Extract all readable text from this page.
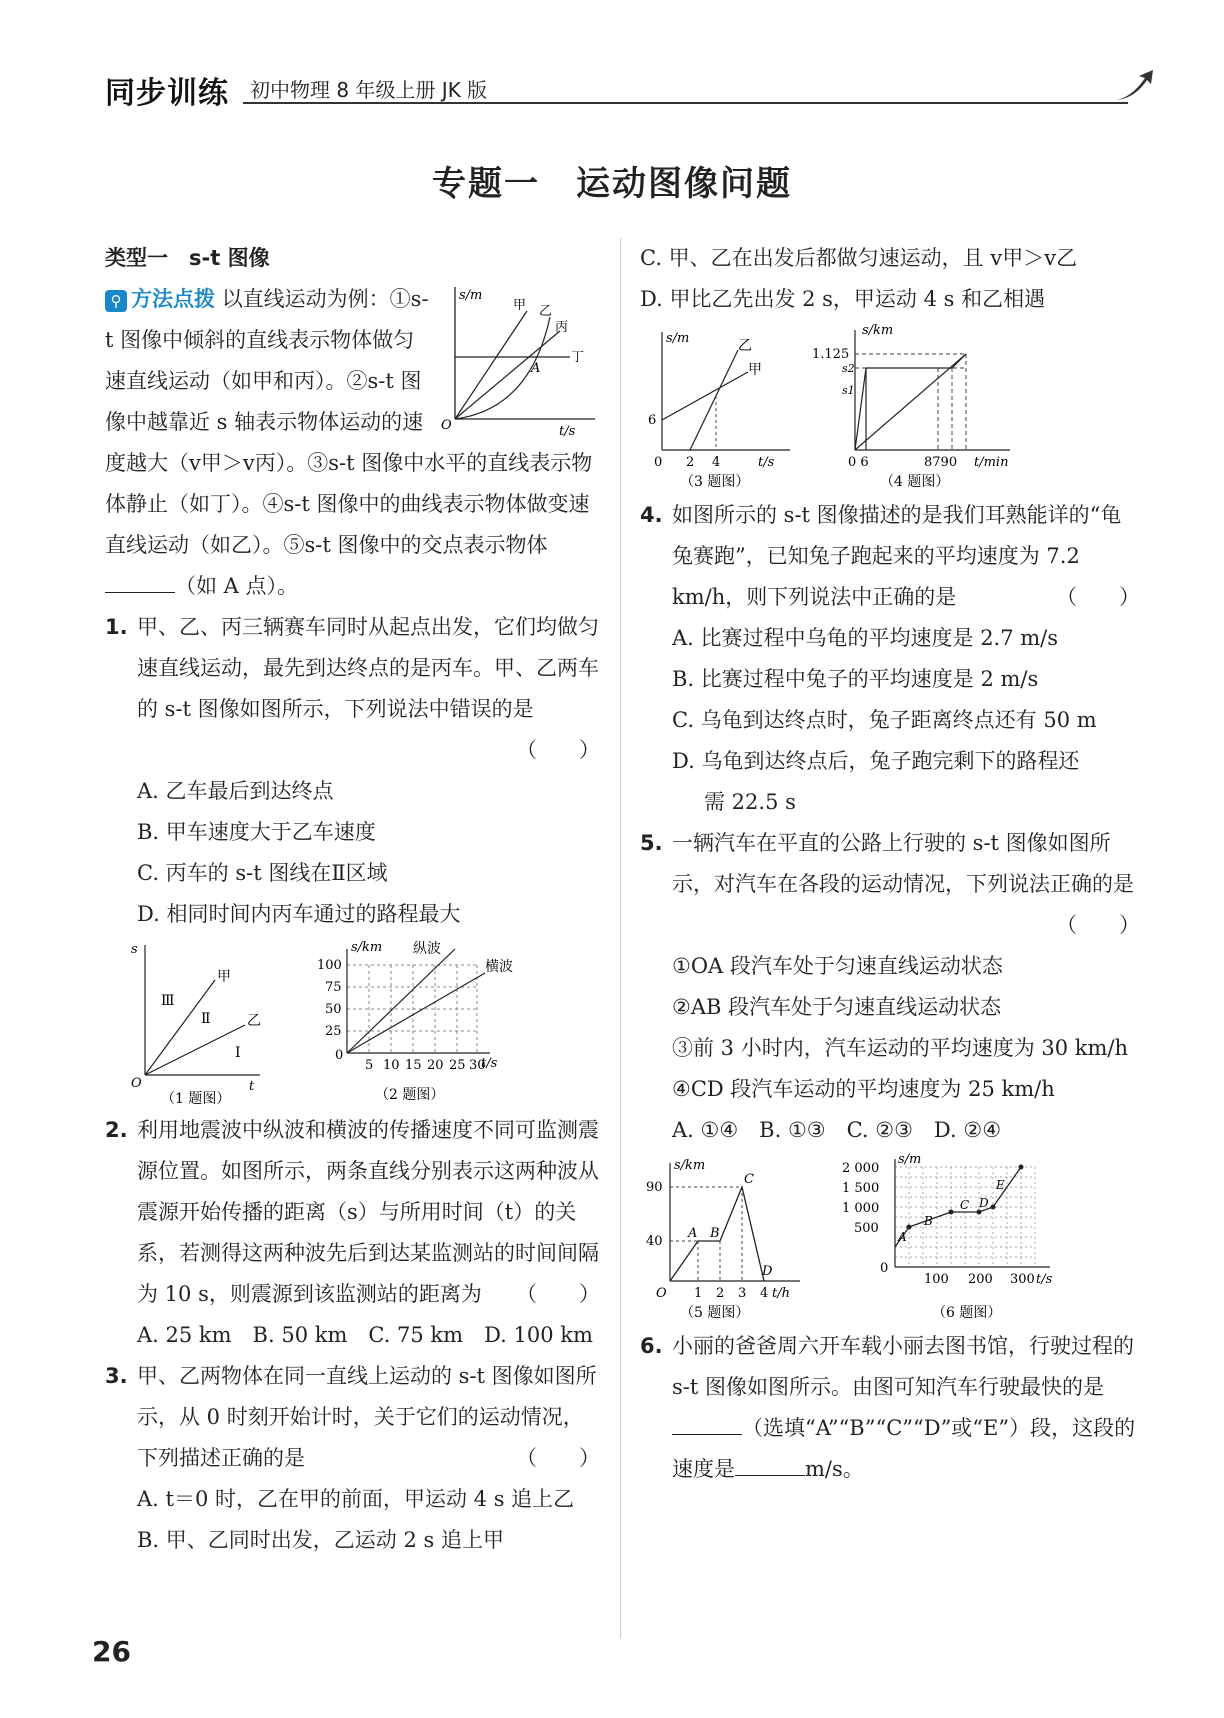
同步训练 初中物理 8 年级上册 JK 版
专题一　运动图像问题
类型一　s-t 图像
s/m
t/s
O
甲 乙
丙
丁
A
⚲ 方法点拨 以直线运动为例：①s-t 图像中倾斜的直线表示物体做匀速直线运动（如甲和丙）。②s-t 图像中越靠近 s 轴表示物体运动的速度越大（v甲＞v丙）。③s-t 图像中水平的直线表示物体静止（如丁）。④s-t 图像中的曲线表示物体做变速直线运动（如乙）。⑤s-t 图像中的交点表示物体（如 A 点）。
1. 甲、乙、丙三辆赛车同时从起点出发，它们均做匀速直线运动，最先到达终点的是丙车。甲、乙两车的 s-t 图像如图所示，下列说法中错误的是
（　　）
A. 乙车最后到达终点
B. 甲车速度大于乙车速度
C. 丙车的 s-t 图线在Ⅱ区域
D. 相同时间内丙车通过的路程最大
s
t
O
甲
乙
Ⅲ
Ⅱ
Ⅰ
（1 题图）
s/km
t/s
100
75
50
25
0
5 10 15 20 25 30
纵波
横波
（2 题图）
2. 利用地震波中纵波和横波的传播速度不同可监测震源位置。如图所示，两条直线分别表示这两种波从震源开始传播的距离（s）与所用时间（t）的关系，若测得这两种波先后到达某监测站的时间间隔为 10 s，则震源到该监测站的距离为 （　　）
A. 25 km　B. 50 km　C. 75 km　D. 100 km
3. 甲、乙两物体在同一直线上运动的 s-t 图像如图所示，从 0 时刻开始计时，关于它们的运动情况，下列描述正确的是	（　　）
A. t＝0 时，乙在甲的前面，甲运动 4 s 追上乙
B. 甲、乙同时出发，乙运动 2 s 追上甲
C. 甲、乙在出发后都做匀速运动，且 v甲＞v乙
D. 甲比乙先出发 2 s，甲运动 4 s 和乙相遇
s/m
t/s
6
0 2 4
乙
甲
（3 题图）
s/km
t/min
1.125
s2
s1
0 6	8790
（4 题图）
4. 如图所示的 s-t 图像描述的是我们耳熟能详的“龟兔赛跑”，已知兔子跑起来的平均速度为 7.2 km/h，则下列说法中正确的是	（　　）
A. 比赛过程中乌龟的平均速度是 2.7 m/s
B. 比赛过程中兔子的平均速度是 2 m/s
C. 乌龟到达终点时，兔子距离终点还有 50 m
D. 乌龟到达终点后，兔子跑完剩下的路程还
需 22.5 s
5. 一辆汽车在平直的公路上行驶的 s-t 图像如图所示，对汽车在各段的运动情况，下列说法正确的是
（　　）
①OA 段汽车处于匀速直线运动状态
②AB 段汽车处于匀速直线运动状态
③前 3 小时内，汽车运动的平均速度为 30 km/h
④CD 段汽车运动的平均速度为 25 km/h
A. ①④　B. ①③　C. ②③　D. ②④
s/km
t/h
90
40
O 1 2 3 4
A B
C
D
（5 题图）
s/m
t/s
2 000
1 500
1 000
500
0
100 200 300
A
B
C D
E
（6 题图）
6. 小丽的爸爸周六开车载小丽去图书馆，行驶过程的 s-t 图像如图所示。由图可知汽车行驶最快的是（选填“A”“B”“C”“D”或“E”）段，这段的速度是	m/s。
26
